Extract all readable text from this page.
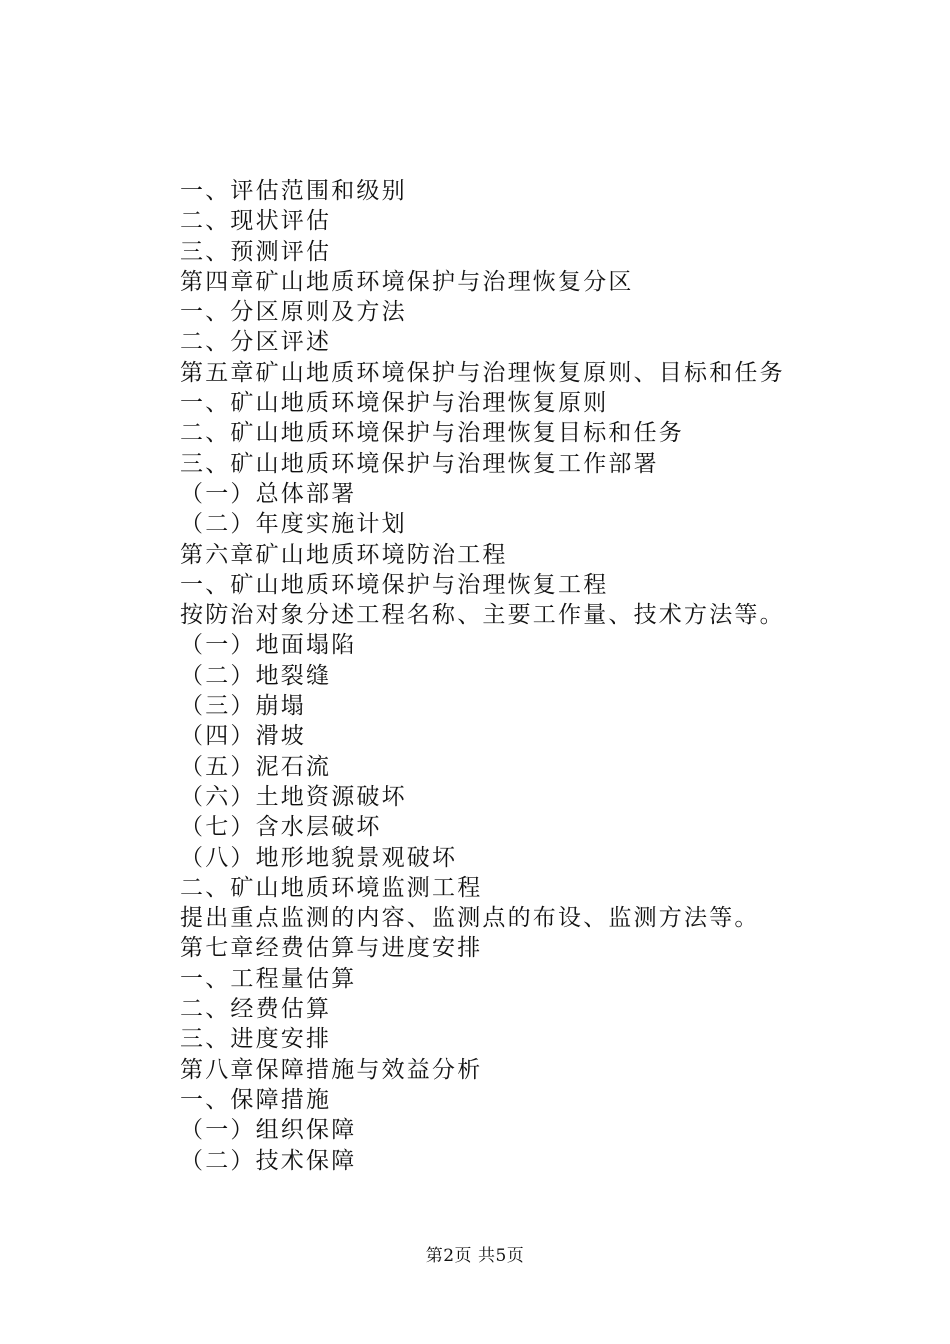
一、评估范围和级别
二、现状评估
三、预测评估
第四章矿山地质环境保护与治理恢复分区
一、分区原则及方法
二、分区评述
第五章矿山地质环境保护与治理恢复原则、目标和任务
一、矿山地质环境保护与治理恢复原则
二、矿山地质环境保护与治理恢复目标和任务
三、矿山地质环境保护与治理恢复工作部署
（一）总体部署
（二）年度实施计划
第六章矿山地质环境防治工程
一、矿山地质环境保护与治理恢复工程
按防治对象分述工程名称、主要工作量、技术方法等。
（一）地面塌陷
（二）地裂缝
（三）崩塌
（四）滑坡
（五）泥石流
（六）土地资源破坏
（七）含水层破坏
（八）地形地貌景观破坏
二、矿山地质环境监测工程
提出重点监测的内容、监测点的布设、监测方法等。
第七章经费估算与进度安排
一、工程量估算
二、经费估算
三、进度安排
第八章保障措施与效益分析
一、保障措施
（一）组织保障
（二）技术保障
第2页 共5页
